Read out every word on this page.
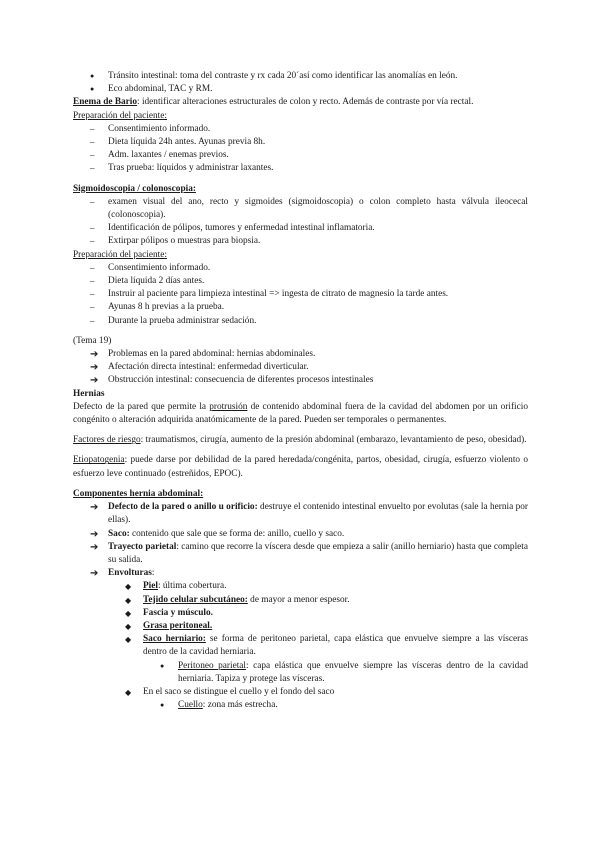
● Tránsito intestinal: toma del contraste y rx cada 20´así como identificar las anomalías en león.
● Eco abdominal, TAC y RM.
Enema de Bario: identificar alteraciones estructurales de colon y recto. Además de contraste por vía rectal.
Preparación del paciente:
– Consentimiento informado.
– Dieta líquida 24h antes. Ayunas previa 8h.
– Adm. laxantes / enemas previos.
– Tras prueba: líquidos y administrar laxantes.
Sigmoidoscopia / colonoscopia:
– examen visual del ano, recto y sigmoides (sigmoidoscopia) o colon completo hasta válvula ileocecal (colonoscopia).
– Identificación de pólipos, tumores y enfermedad intestinal inflamatoria.
– Extirpar pólipos o muestras para biopsia.
Preparación del paciente:
– Consentimiento informado.
– Dieta líquida 2 días antes.
– Instruir al paciente para limpieza intestinal => ingesta de citrato de magnesio la tarde antes.
– Ayunas 8 h previas a la prueba.
– Durante la prueba administrar sedación.
(Tema 19)
➔ Problemas en la pared abdominal: hernias abdominales.
➔ Afectación directa intestinal: enfermedad diverticular.
➔ Obstrucción intestinal: consecuencia de diferentes procesos intestinales
Hernias
Defecto de la pared que permite la protrusión de contenido abdominal fuera de la cavidad del abdomen por un orificio congénito o alteración adquirida anatómicamente de la pared. Pueden ser temporales o permanentes.
Factores de riesgo: traumatismos, cirugía, aumento de la presión abdominal (embarazo, levantamiento de peso, obesidad).
Etiopatogenia: puede darse por debilidad de la pared heredada/congénita, partos, obesidad, cirugía, esfuerzo violento o esfuerzo leve continuado (estreñidos, EPOC).
Componentes hernia abdominal:
➔ Defecto de la pared o anillo u orificio: destruye el contenido intestinal envuelto por evolutas (sale la hernia por ellas).
➔ Saco: contenido que sale que se forma de: anillo, cuello y saco.
➔ Trayecto parietal: camino que recorre la víscera desde que empieza a salir (anillo herniario) hasta que completa su salida.
➔ Envolturas:
◆ Piel: última cobertura.
◆ Tejido celular subcutáneo: de mayor a menor espesor.
◆ Fascia y músculo.
◆ Grasa peritoneal.
◆ Saco herniario: se forma de peritoneo parietal, capa elástica que envuelve siempre a las vísceras dentro de la cavidad herniaria.
● Peritoneo parietal: capa elástica que envuelve siempre las vísceras dentro de la cavidad herniaria. Tapiza y protege las vísceras.
◆ En el saco se distingue el cuello y el fondo del saco
● Cuello: zona más estrecha.
